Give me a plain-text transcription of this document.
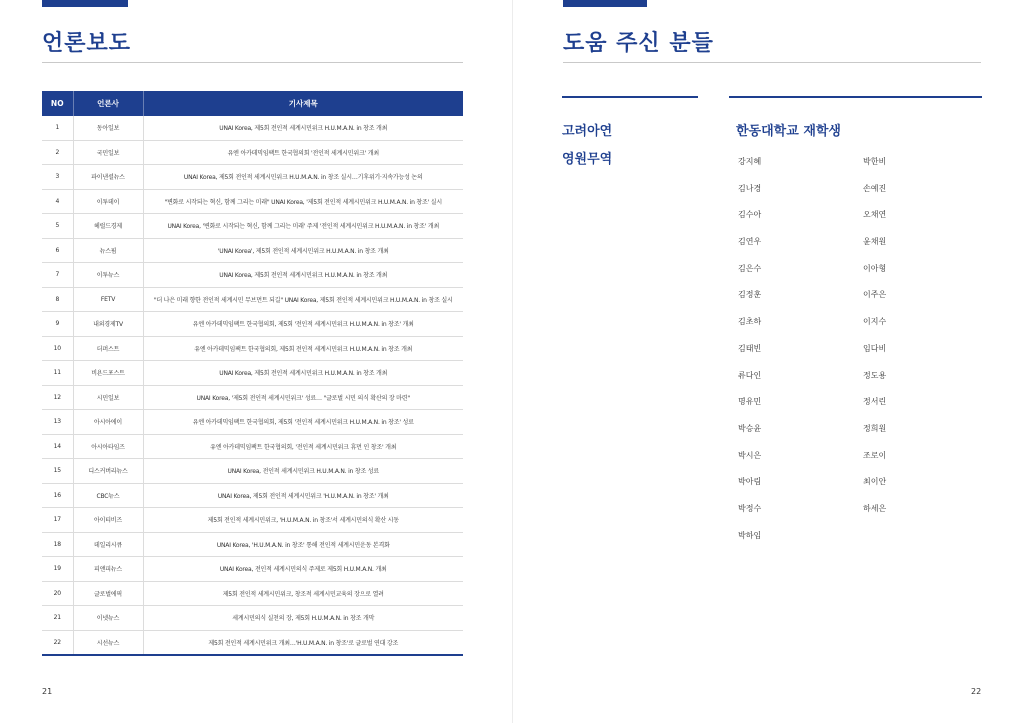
언론보도
NO	언론사	기사제목
1	동아일보	UNAI Korea, 제5회 전인적 세계시민위크 H.U.M.A.N. in 창조 개최
2	국민일보	유엔 아카데믹임팩트 한국협의회 '전인적 세계시민위크' 개최
3	파이낸셜뉴스	UNAI Korea, 제5회 전인적 세계시민위크 H.U.M.A.N. in 창조 실시…기후위기·지속가능성 논의
4	이투데이	"변화로 시작되는 혁신, 함께 그리는 미래" UNAI Korea, '제5회 전인적 세계시민위크 H.U.M.A.N. in 창조' 실시
5	헤럴드경제	UNAI Korea, '변화로 시작되는 혁신, 함께 그리는 미래' 주제 '전인적 세계시민위크 H.U.M.A.N. in 창조' 개최
6	뉴스핌	'UNAI Korea', 제5회 전인적 세계시민위크 H.U.M.A.N. in 창조 개최
7	이투뉴스	UNAI Korea, 제5회 전인적 세계시민위크 H.U.M.A.N. in 창조 개최
8	FETV	"더 나은 미래 향한 전인적 세계시민 무브먼트 되길" UNAI Korea, 제5회 전인적 세계시민위크 H.U.M.A.N. in 창조 실시
9	내외경제TV	유엔 아카데믹임팩트 한국협의회, 제5회 '전인적 세계시민위크 H.U.M.A.N. in 창조' 개최
10	더퍼스트	유엔 아카데믹임팩트 한국협의회, 제5회 전인적 세계시민위크 H.U.M.A.N. in 창조 개최
11	비욘드포스트	UNAI Korea, 제5회 전인적 세계시민위크 H.U.M.A.N. in 창조 개최
12	시민일보	UNAI Korea, '제5회 전인적 세계시민위크' 성료… "글로벌 시민 의식 확산의 장 마련"
13	아시아에이	유엔 아카데믹임팩트 한국협의회, 제5회 '전인적 세계시민위크 H.U.M.A.N. in 창조' 성료
14	아시아타임즈	유엔 아카데믹임팩트 한국협의회, '전인적 세계시민위크 휴먼 인 창조' 개최
15	디스커버리뉴스	UNAI Korea, 전인적 세계시민위크 H.U.M.A.N. in 창조 성료
16	CBC뉴스	UNAI Korea, 제5회 전인적 세계시민위크 'H.U.M.A.N. in 창조' 개최
17	아이티비즈	제5회 전인적 세계시민위크, 'H.U.M.A.N. in 창조'서 세계시민의식 확산 시동
18	데일리시큐	UNAI Korea, 'H.U.M.A.N. in 창조' 통해 전인적 세계시민운동 본격화
19	피앤피뉴스	UNAI Korea, 전인적 세계시민의식 주제로 제5회 H.U.M.A.N. 개최
20	글로벌에픽	제5회 전인적 세계시민위크, 창조적 세계시민교육의 장으로 열려
21	이넷뉴스	세계시민의식 실천의 장, 제5회 H.U.M.A.N. in 창조 개막
22	시선뉴스	제5회 전인적 세계시민위크 개최…'H.U.M.A.N. in 창조'로 글로벌 연대 강조
21
도움 주신 분들
고려아연
영원무역
한동대학교 재학생
강지혜
김나경
김수아
김연우
김은수
김정훈
김초하
김태빈
류다인
명유민
박승윤
박시은
박아림
박정수
박하임
박한비
손예진
오채연
윤채원
이아형
이주은
이지수
임다비
정도용
정서린
정희원
조로이
최이안
하세은
22
